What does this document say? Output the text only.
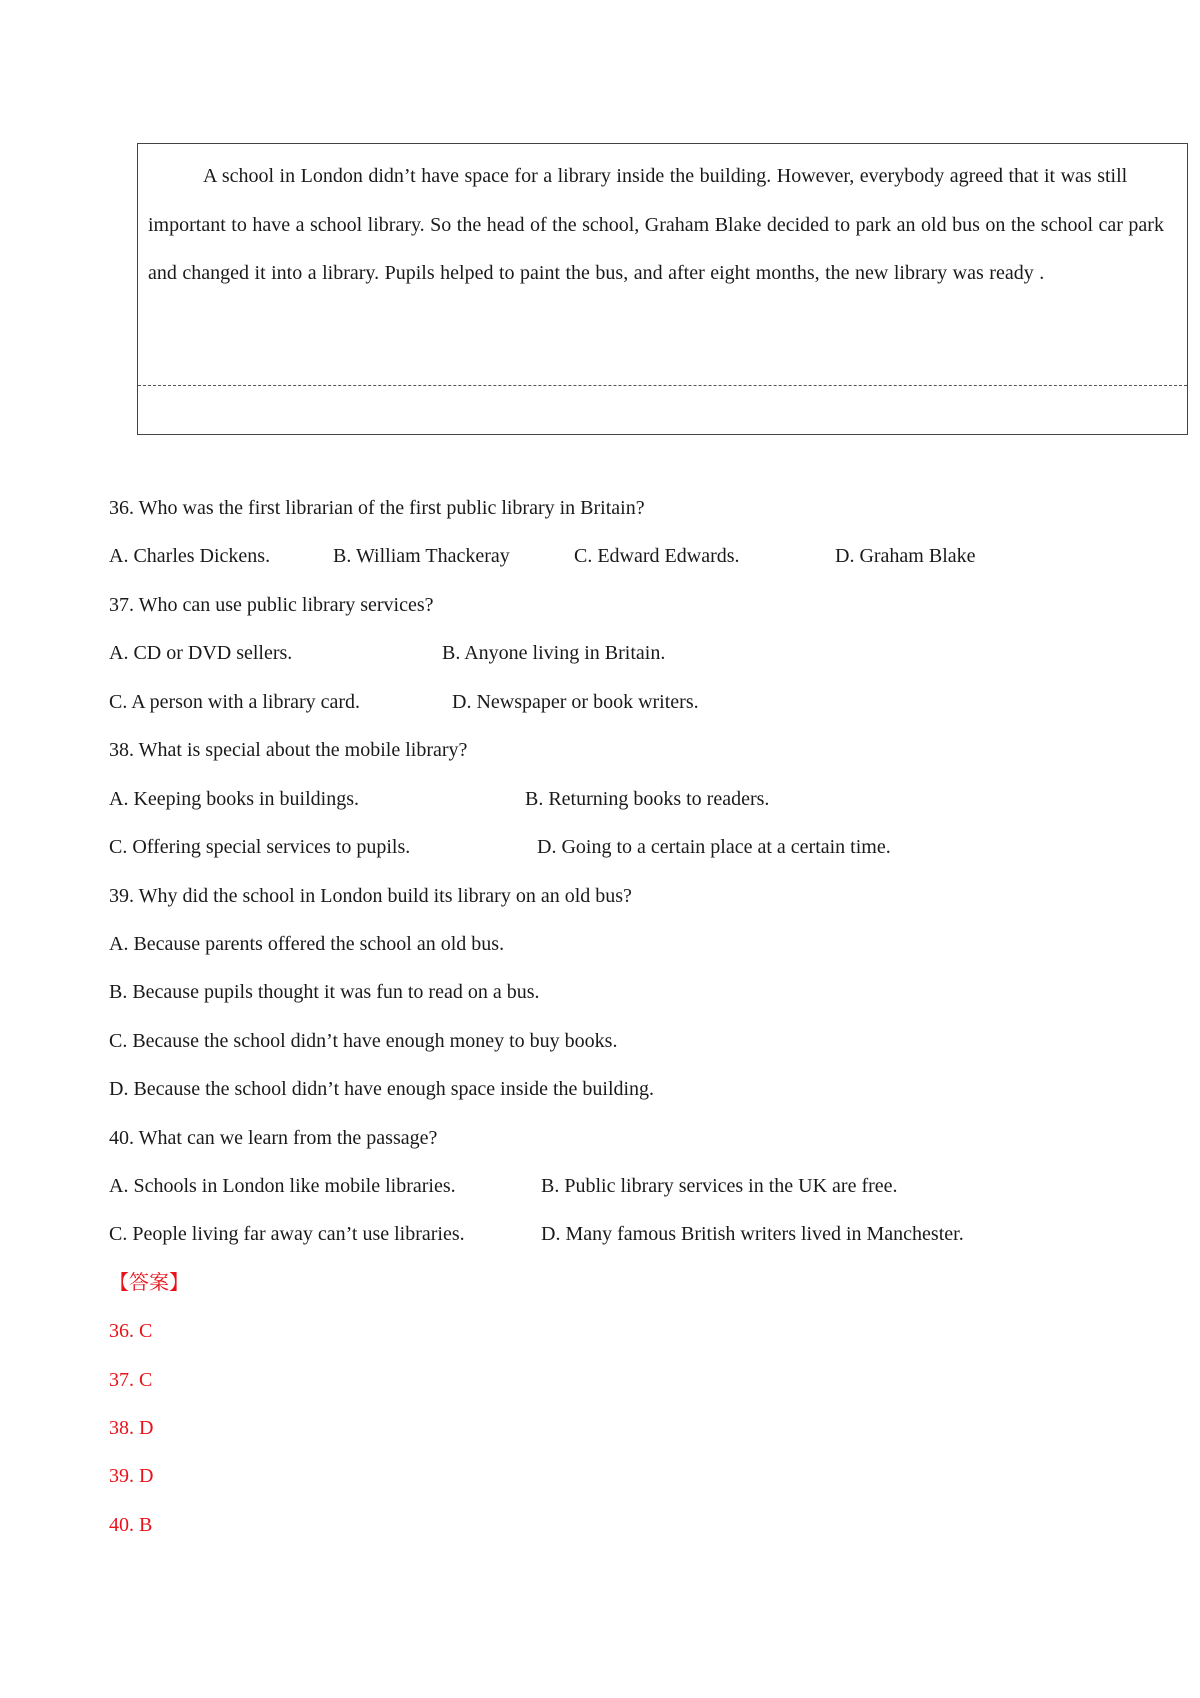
A school in London didn’t have space for a library inside the building. However, everybody agreed that it was still important to have a school library. So the head of the school, Graham Blake decided to park an old bus on the school car park and changed it into a library. Pupils helped to paint the bus, and after eight months, the new library was ready .

36. Who was the first librarian of the first public library in Britain?

A. Charles Dickens.	B. William Thackeray	C. Edward Edwards.	D. Graham Blake

37. Who can use public library services?

A. CD or DVD sellers.	B. Anyone living in Britain.

C. A person with a library card.	D. Newspaper or book writers.

38. What is special about the mobile library?

A. Keeping books in buildings.	B. Returning books to readers.

C. Offering special services to pupils.	D. Going to a certain place at a certain time.

39. Why did the school in London build its library on an old bus?

A. Because parents offered the school an old bus.

B. Because pupils thought it was fun to read on a bus.

C. Because the school didn’t have enough money to buy books.

D. Because the school didn’t have enough space inside the building.

40. What can we learn from the passage?

A. Schools in London like mobile libraries.	B. Public library services in the UK are free.

C. People living far away can’t use libraries.	D. Many famous British writers lived in Manchester.

【答案】

36. C

37. C

38. D

39. D

40. B
